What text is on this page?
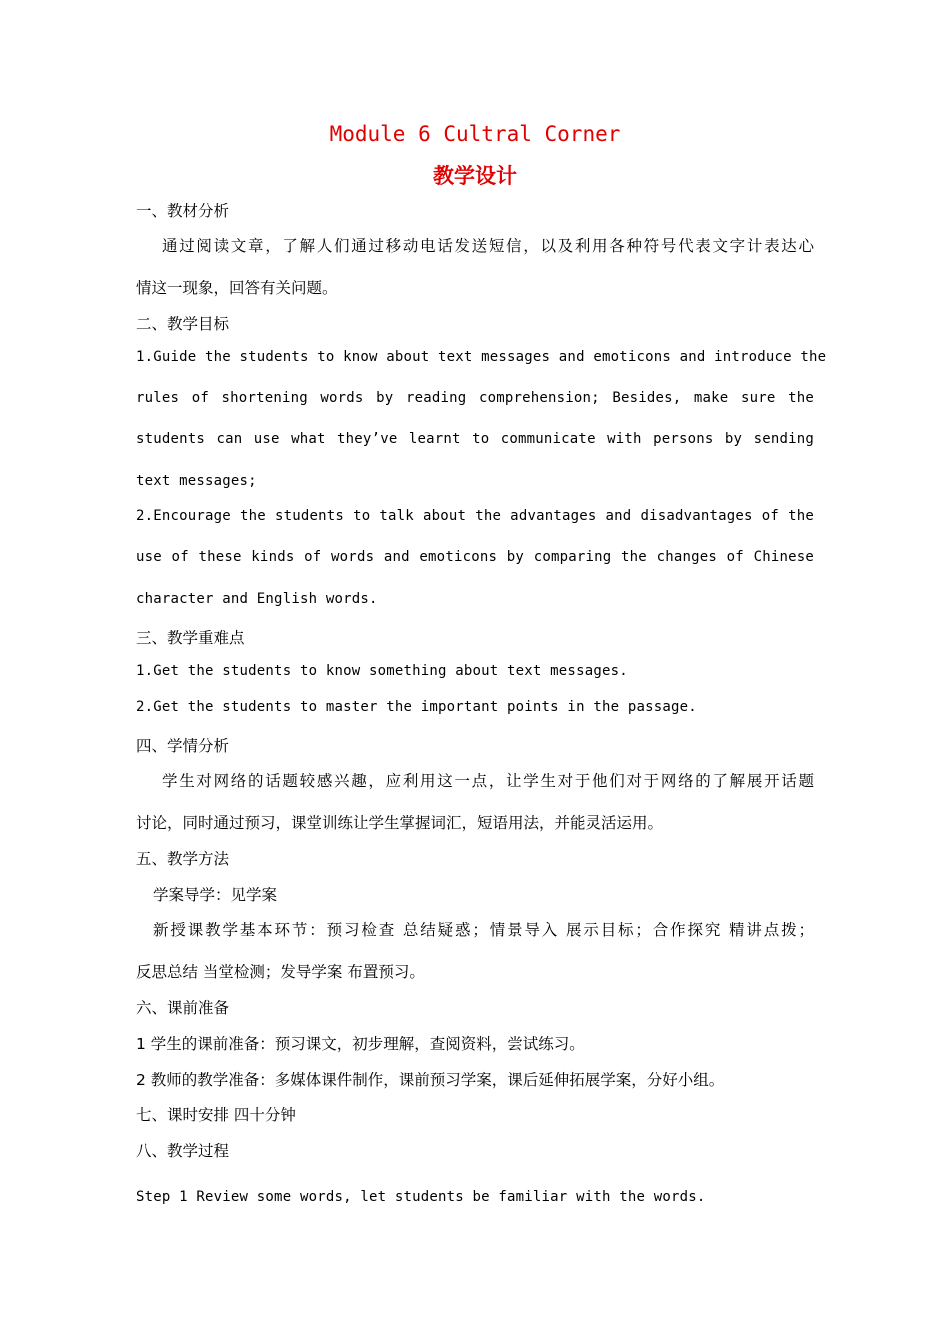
Module 6 Cultral Corner
教学设计
一、教材分析
通过阅读文章，了解人们通过移动电话发送短信，以及利用各种符号代表文字计表达心
情这一现象，回答有关问题。
二、教学目标
1.Guide the students to know about text messages and emoticons and introduce the
rules of shortening words by reading comprehension; Besides, make sure the
students can use what they’ve learnt to communicate with persons by sending
text messages;
2.Encourage the students to talk about the advantages and disadvantages of the
use of these kinds of words and emoticons by comparing the changes of Chinese
character and English words.
三、教学重难点
1.Get the students to know something about text messages.
2.Get the students to master the important points in the passage.
四、学情分析
学生对网络的话题较感兴趣，应利用这一点，让学生对于他们对于网络的了解展开话题
讨论，同时通过预习，课堂训练让学生掌握词汇，短语用法，并能灵活运用。
五、教学方法
学案导学：见学案
新授课教学基本环节：预习检查 总结疑惑；情景导入 展示目标；合作探究 精讲点拨；
反思总结 当堂检测；发导学案 布置预习。
六、课前准备
1 学生的课前准备：预习课文，初步理解，查阅资料，尝试练习。
2 教师的教学准备：多媒体课件制作，课前预习学案，课后延伸拓展学案，分好小组。
七、课时安排 四十分钟
八、教学过程
Step 1 Review some words, let students be familiar with the words.
